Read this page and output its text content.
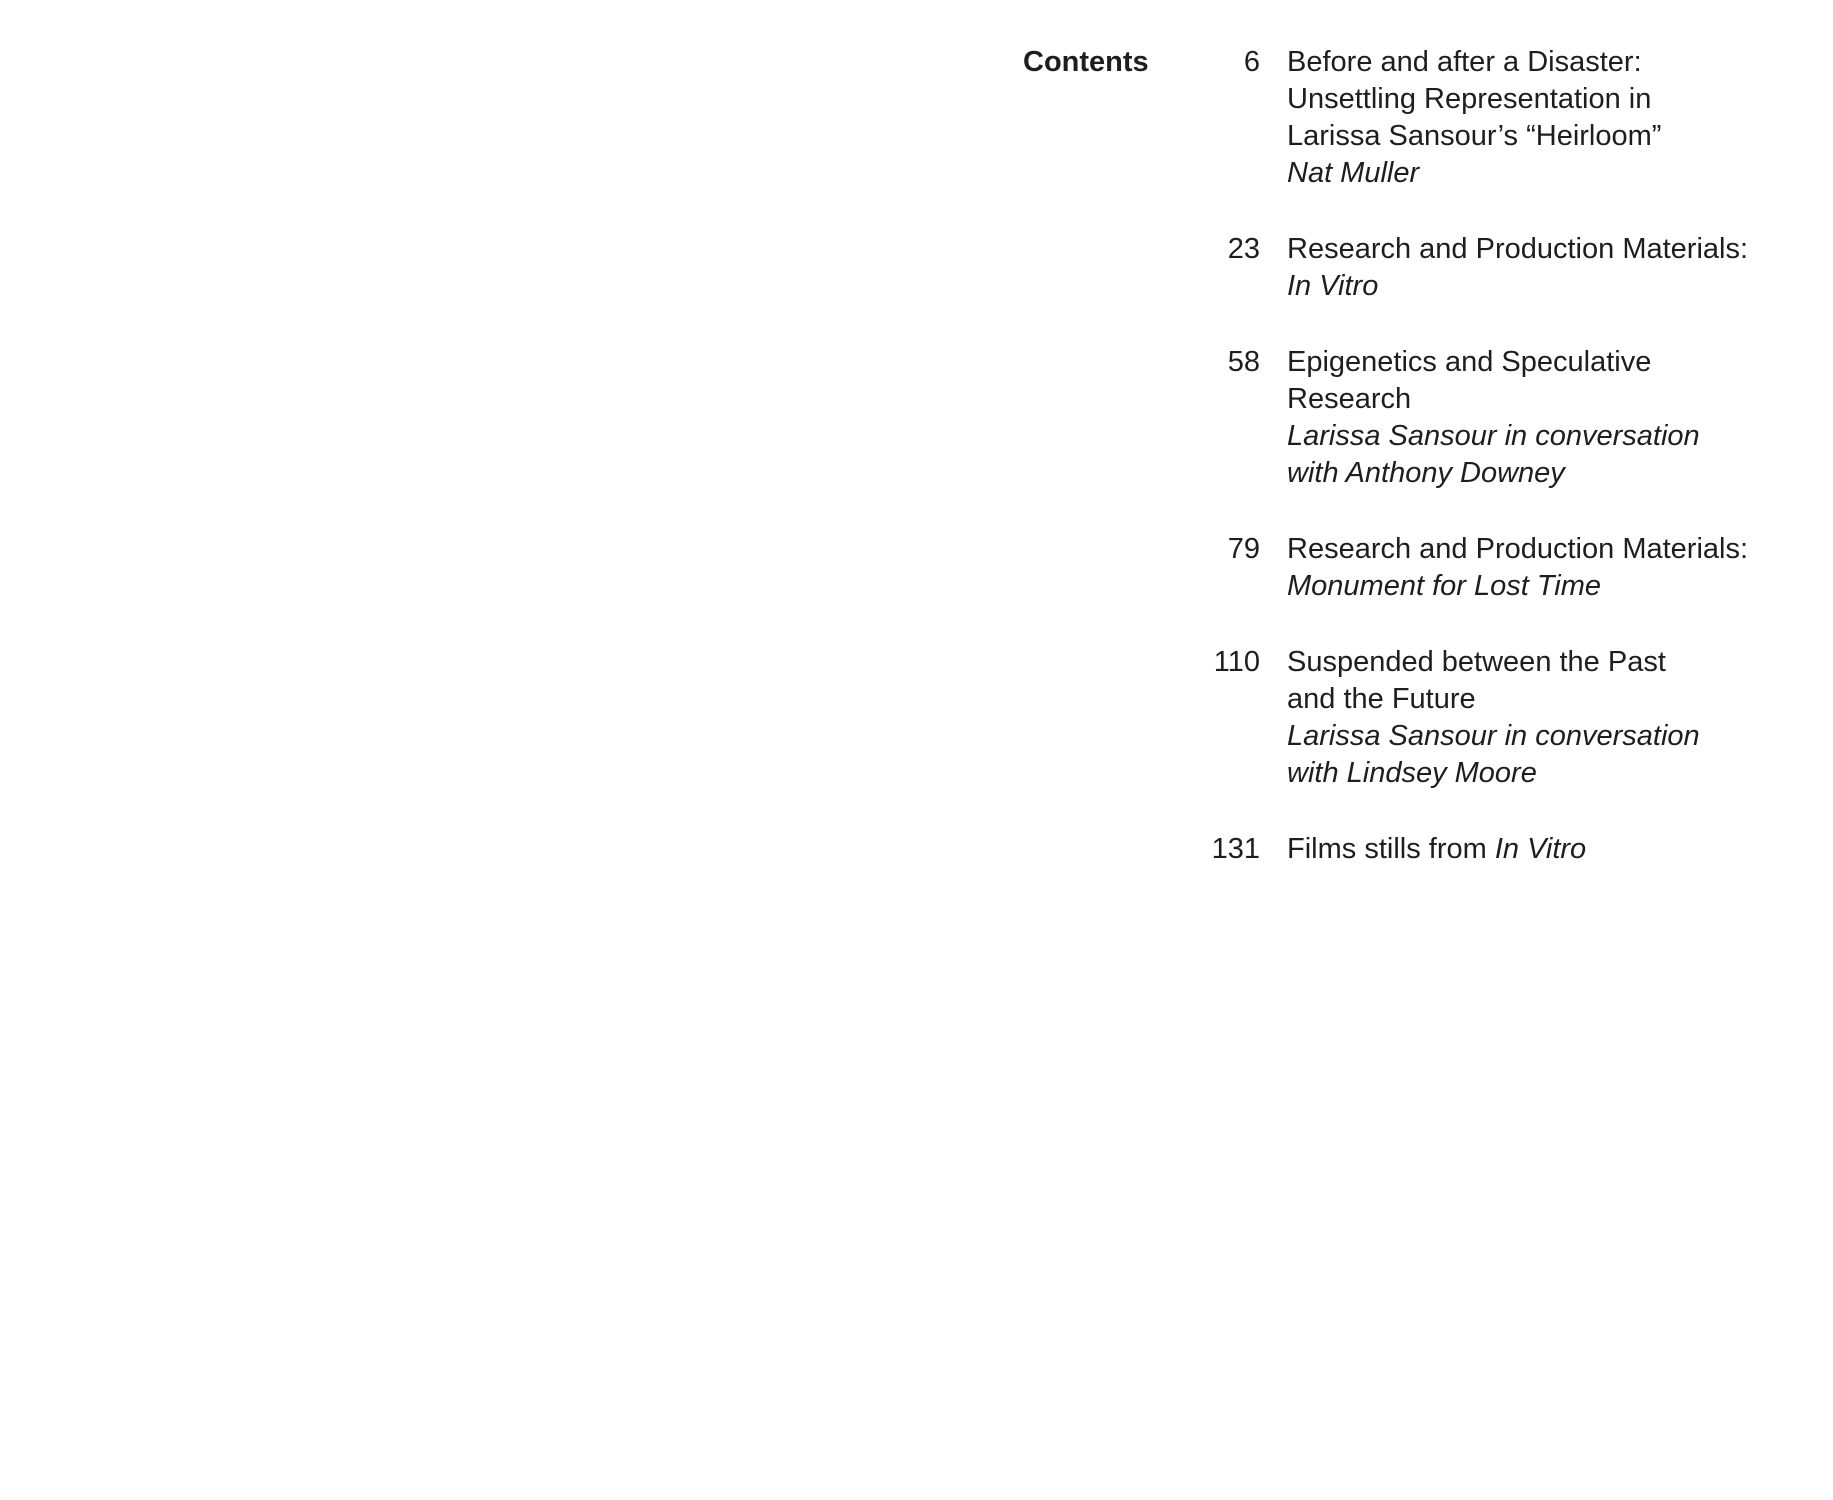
Contents	6 Before and after a Disaster:
Unsettling Representation in
Larissa Sansour’s “Heirloom”
Nat Muller
23 Research and Production Materials:
In Vitro
58 Epigenetics and Speculative
Research
Larissa Sansour in conversation
with Anthony Downey
79 Research and Production Materials:
Monument for Lost Time
110 Suspended between the Past
and the Future
Larissa Sansour in conversation
with Lindsey Moore
131 Films stills from In Vitro
